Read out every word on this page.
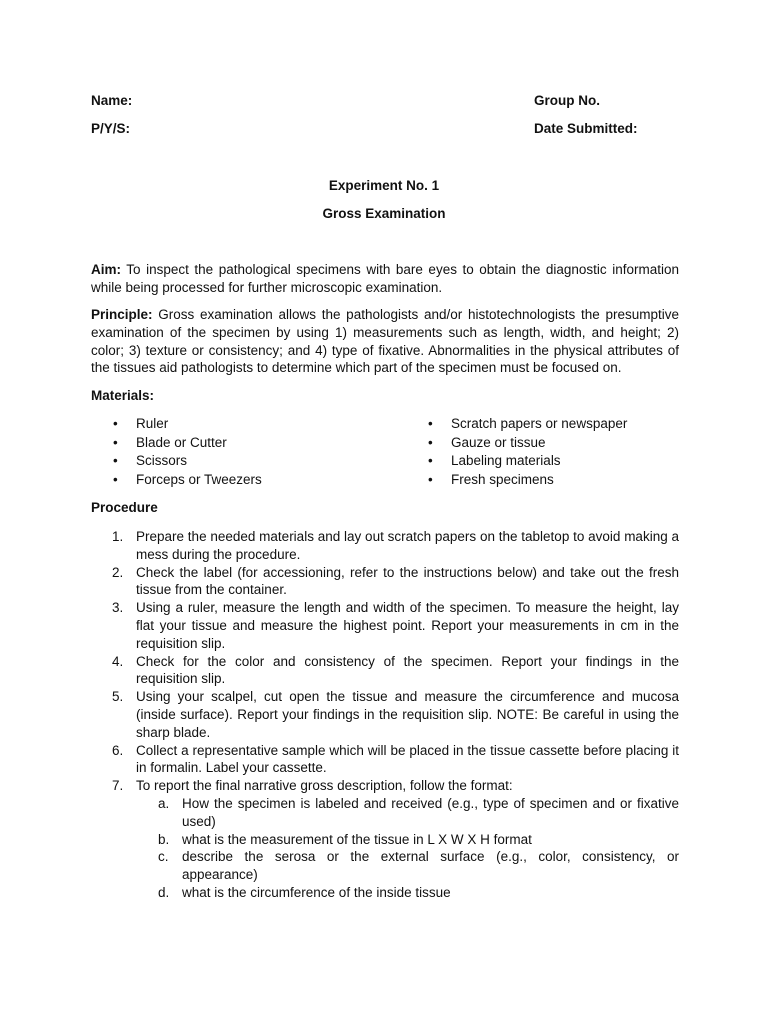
Name:	Group No.
P/Y/S:	Date Submitted:
Experiment No. 1
Gross Examination
Aim: To inspect the pathological specimens with bare eyes to obtain the diagnostic information while being processed for further microscopic examination.
Principle: Gross examination allows the pathologists and/or histotechnologists the presumptive examination of the specimen by using 1) measurements such as length, width, and height; 2) color; 3) texture or consistency; and 4) type of fixative. Abnormalities in the physical attributes of the tissues aid pathologists to determine which part of the specimen must be focused on.
Materials:
• Ruler
• Blade or Cutter
• Scissors
• Forceps or Tweezers
• Scratch papers or newspaper
• Gauze or tissue
• Labeling materials
• Fresh specimens
Procedure
1. Prepare the needed materials and lay out scratch papers on the tabletop to avoid making a mess during the procedure.
2. Check the label (for accessioning, refer to the instructions below) and take out the fresh tissue from the container.
3. Using a ruler, measure the length and width of the specimen. To measure the height, lay flat your tissue and measure the highest point. Report your measurements in cm in the requisition slip.
4. Check for the color and consistency of the specimen. Report your findings in the requisition slip.
5. Using your scalpel, cut open the tissue and measure the circumference and mucosa (inside surface). Report your findings in the requisition slip. NOTE: Be careful in using the sharp blade.
6. Collect a representative sample which will be placed in the tissue cassette before placing it in formalin. Label your cassette.
7. To report the final narrative gross description, follow the format:
a. How the specimen is labeled and received (e.g., type of specimen and or fixative used)
b. what is the measurement of the tissue in L X W X H format
c. describe the serosa or the external surface (e.g., color, consistency, or appearance)
d. what is the circumference of the inside tissue
